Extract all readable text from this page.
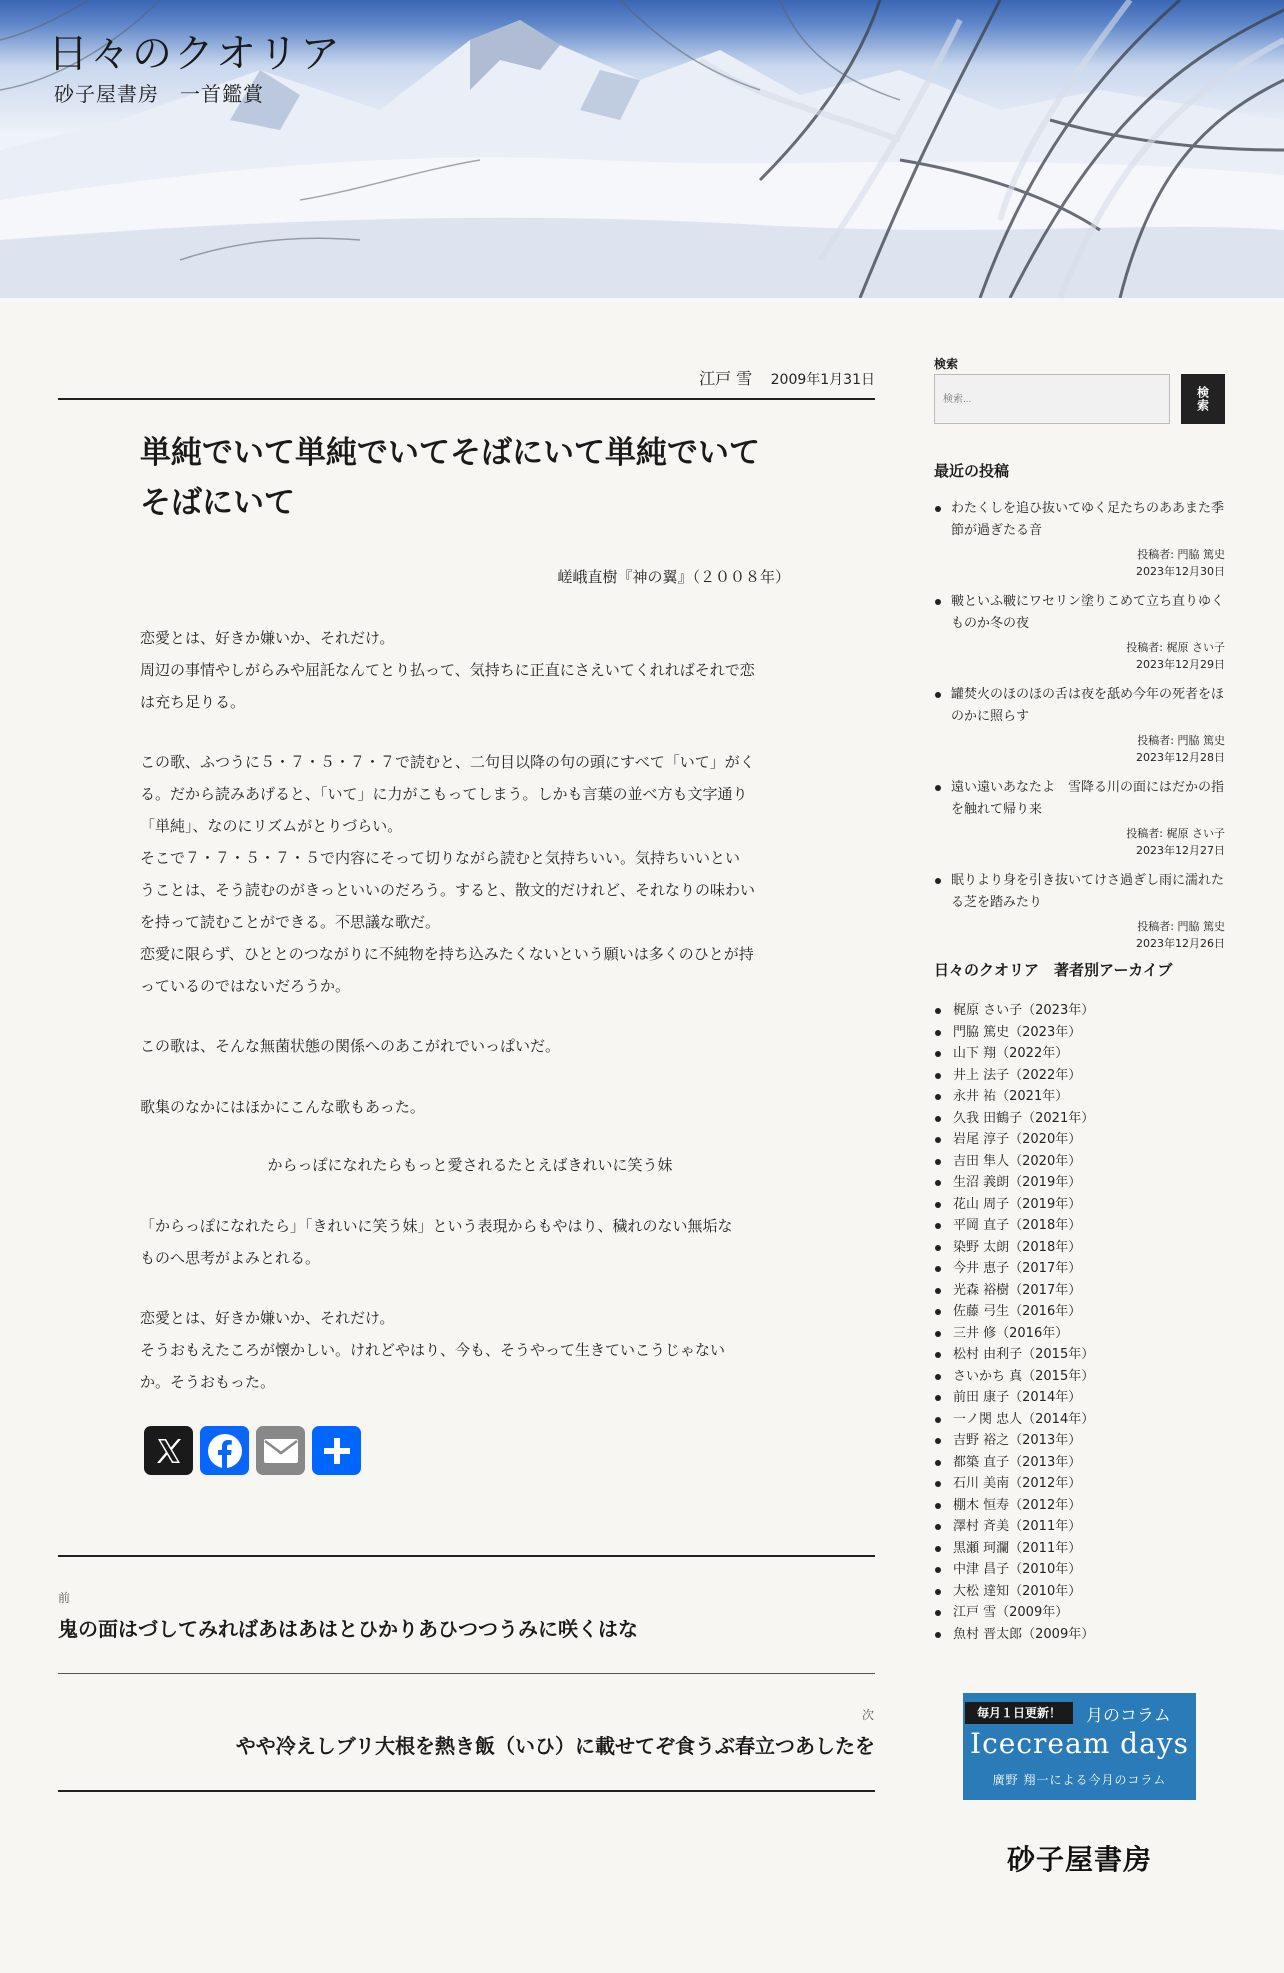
日々のクオリア
砂子屋書房　一首鑑賞
江戸 雪 2009年1月31日
単純でいて単純でいてそばにいて単純でいて
そばにいて
嵯峨直樹『神の翼』（２００８年）
恋愛とは、好きか嫌いか、それだけ。
周辺の事情やしがらみや屈託なんてとり払って、気持ちに正直にさえいてくれればそれで恋
は充ち足りる。
この歌、ふつうに５・７・５・７・７で読むと、二句目以降の句の頭にすべて「いて」がく
る。だから読みあげると、「いて」に力がこもってしまう。しかも言葉の並べ方も文字通り
「単純」、なのにリズムがとりづらい。
そこで７・７・５・７・５で内容にそって切りながら読むと気持ちいい。気持ちいいとい
うことは、そう読むのがきっといいのだろう。すると、散文的だけれど、それなりの味わい
を持って読むことができる。不思議な歌だ。
恋愛に限らず、ひととのつながりに不純物を持ち込みたくないという願いは多くのひとが持
っているのではないだろうか。
この歌は、そんな無菌状態の関係へのあこがれでいっぱいだ。
歌集のなかにはほかにこんな歌もあった。
からっぽになれたらもっと愛されるたとえばきれいに笑う妹
「からっぽになれたら」「きれいに笑う妹」という表現からもやはり、穢れのない無垢な
ものへ思考がよみとれる。
恋愛とは、好きか嫌いか、それだけ。
そうおもえたころが懐かしい。けれどやはり、今も、そうやって生きていこうじゃない
か。そうおもった。
前
鬼の面はづしてみればあはあはとひかりあひつつうみに咲くはな
次
やや冷えしブリ大根を熱き飯（いひ）に載せてぞ食うぶ春立つあしたを
検索
検索...
検索
最近の投稿
わたくしを追ひ抜いてゆく足たちのああまた季節が過ぎたる音
投稿者: 門脇 篤史
2023年12月30日
皸といふ皸にワセリン塗りこめて立ち直りゆくものか冬の夜
投稿者: 梶原 さい子
2023年12月29日
罐焚火のほのほの舌は夜を舐め今年の死者をほのかに照らす
投稿者: 門脇 篤史
2023年12月28日
遠い遠いあなたよ　雪降る川の面にはだかの指を触れて帰り来
投稿者: 梶原 さい子
2023年12月27日
眠りより身を引き抜いてけさ過ぎし雨に濡れたる芝を踏みたり
投稿者: 門脇 篤史
2023年12月26日
日々のクオリア　著者別アーカイブ
梶原 さい子（2023年）
門脇 篤史（2023年）
山下 翔（2022年）
井上 法子（2022年）
永井 祐（2021年）
久我 田鶴子（2021年）
岩尾 淳子（2020年）
吉田 隼人（2020年）
生沼 義朗（2019年）
花山 周子（2019年）
平岡 直子（2018年）
染野 太朗（2018年）
今井 恵子（2017年）
光森 裕樹（2017年）
佐藤 弓生（2016年）
三井 修（2016年）
松村 由利子（2015年）
さいかち 真（2015年）
前田 康子（2014年）
一ノ関 忠人（2014年）
吉野 裕之（2013年）
都築 直子（2013年）
石川 美南（2012年）
棚木 恒寿（2012年）
澤村 斉美（2011年）
黒瀬 珂瀾（2011年）
中津 昌子（2010年）
大松 達知（2010年）
江戸 雪（2009年）
魚村 晋太郎（2009年）
毎月１日更新！	月のコラム
Icecream days
廣野 翔一による今月のコラム
砂子屋書房
